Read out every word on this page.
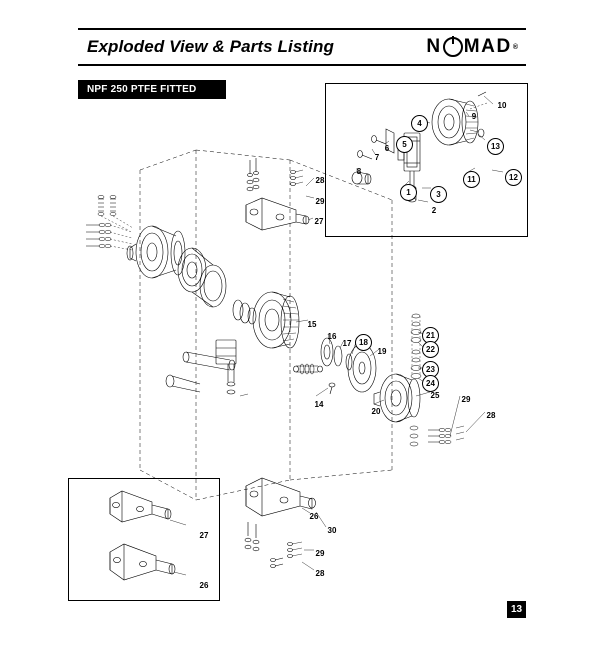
Exploded View & Parts Listing	N MAD ®
NPF 250 PTFE FITTED
10
9
4
13
5
6
7
8
11	12
1	3
2
28
29
27
15
16
17 18
19
14
20
21
22
23
24
25	29
28
26
30
29
28
27
26
13
